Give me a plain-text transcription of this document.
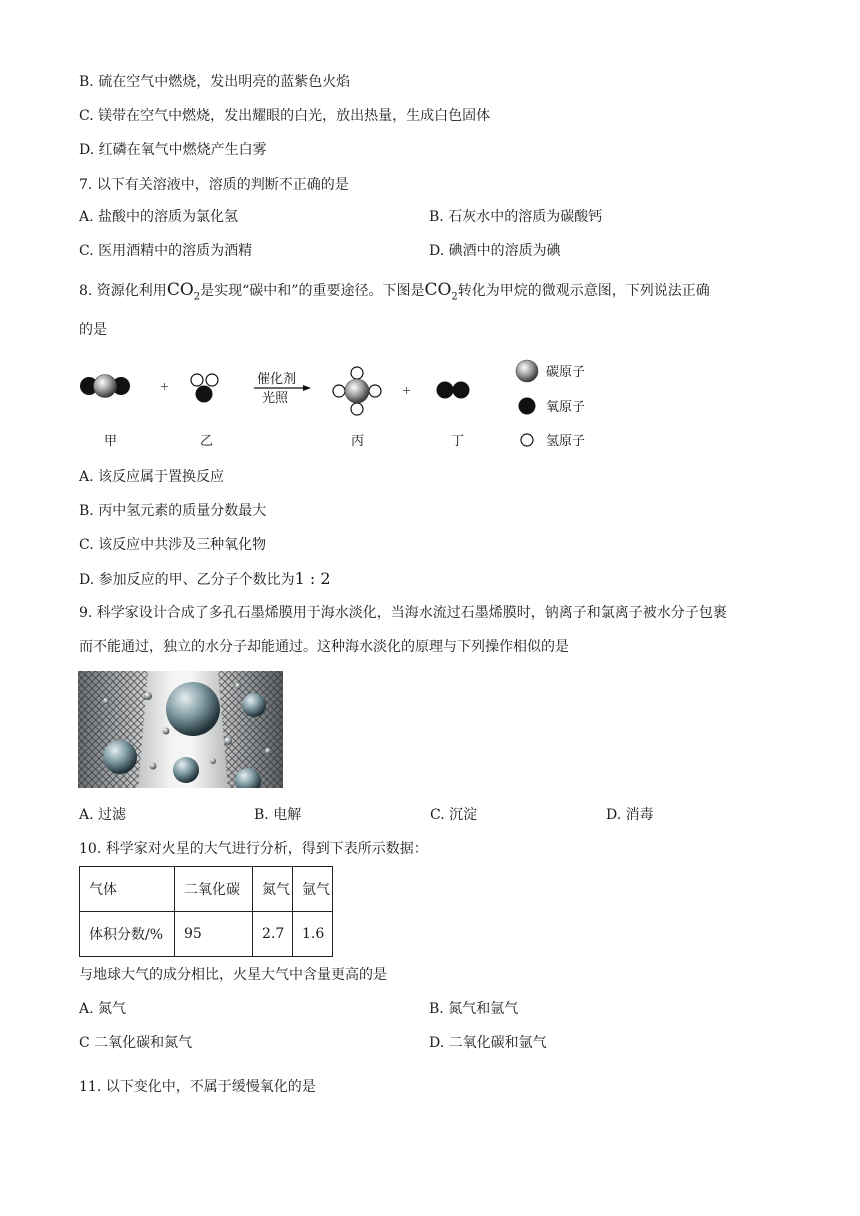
B. 硫在空气中燃烧，发出明亮的蓝紫色火焰
C. 镁带在空气中燃烧，发出耀眼的白光，放出热量，生成白色固体
D. 红磷在氧气中燃烧产生白雾
7. 以下有关溶液中，溶质的判断不正确的是
A. 盐酸中的溶质为氯化氢	B. 石灰水中的溶质为碳酸钙
C. 医用酒精中的溶质为酒精	D. 碘酒中的溶质为碘
8. 资源化利用$CO_2$是实现“碳中和”的重要途径。下图是$CO_2$转化为甲烷的微观示意图，下列说法正确
的是
+	催化剂
光照
+
甲	乙	丙	丁
碳原子
氧原子
氢原子
A. 该反应属于置换反应
B. 丙中氢元素的质量分数最大
C. 该反应中共涉及三种氧化物
D. 参加反应的甲、乙分子个数比为1 : 2
9. 科学家设计合成了多孔石墨烯膜用于海水淡化，当海水流过石墨烯膜时，钠离子和氯离子被水分子包裹
而不能通过，独立的水分子却能通过。这种海水淡化的原理与下列操作相似的是
A. 过滤	B. 电解	C. 沉淀	D. 消毒
10. 科学家对火星的大气进行分析，得到下表所示数据：
气体	二氧化碳	氮气	氩气
体积分数/%	95	2.7	1.6
与地球大气的成分相比，火星大气中含量更高的是
A. 氮气	B. 氮气和氩气
C 二氧化碳和氮气	D. 二氧化碳和氩气
11. 以下变化中，不属于缓慢氧化的是
